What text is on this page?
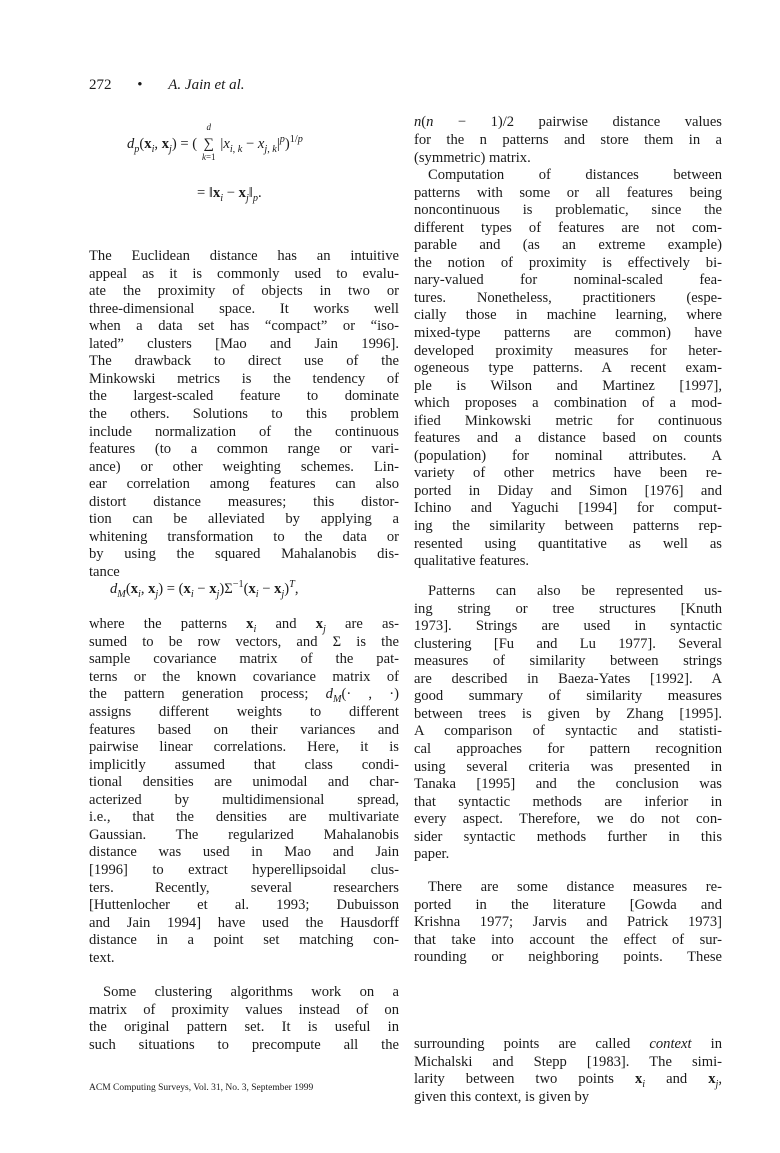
272 • A. Jain et al.
$d_p(x_i$, $x_j$) = ( ∑
d
k=1
$|x_{i, k} - x_{j, k}|^p)^{1/p}$
= $‖x_i$ − $x_j‖_p$.
The Euclidean distance has an intuitive
appeal as it is commonly used to evalu-
ate the proximity of objects in two or
three-dimensional space. It works well
when a data set has “compact” or “iso-
lated” clusters [Mao and Jain 1996].
The drawback to direct use of the
Minkowski metrics is the tendency of
the largest-scaled feature to dominate
the others. Solutions to this problem
include normalization of the continuous
features (to a common range or vari-
ance) or other weighting schemes. Lin-
ear correlation among features can also
distort distance measures; this distor-
tion can be alleviated by applying a
whitening transformation to the data or
by using the squared Mahalanobis dis-
tance
$d_M(x_i$, $x_j) = (x_i - x_j)\Sigma^{-1}(x_i - x_j)^T$,
where the patterns $x_i$ and $x_j$ are as-
sumed to be row vectors, and Σ is the
sample covariance matrix of the pat-
terns or the known covariance matrix of
the pattern generation process; $d_M(\cdot$ , ·)
assigns different weights to different
features based on their variances and
pairwise linear correlations. Here, it is
implicitly assumed that class condi-
tional densities are unimodal and char-
acterized by multidimensional spread,
i.e., that the densities are multivariate
Gaussian. The regularized Mahalanobis
distance was used in Mao and Jain
[1996] to extract hyperellipsoidal clus-
ters. Recently, several researchers
[Huttenlocher et al. 1993; Dubuisson
and Jain 1994] have used the Hausdorff
distance in a point set matching con-
text.
Some clustering algorithms work on a
matrix of proximity values instead of on
the original pattern set. It is useful in
such situations to precompute all the
n(n − 1)/2 pairwise distance values
for the n patterns and store them in a
(symmetric) matrix.
Computation of distances between
patterns with some or all features being
noncontinuous is problematic, since the
different types of features are not com-
parable and (as an extreme example)
the notion of proximity is effectively bi-
nary-valued for nominal-scaled fea-
tures. Nonetheless, practitioners (espe-
cially those in machine learning, where
mixed-type patterns are common) have
developed proximity measures for heter-
ogeneous type patterns. A recent exam-
ple is Wilson and Martinez [1997],
which proposes a combination of a mod-
ified Minkowski metric for continuous
features and a distance based on counts
(population) for nominal attributes. A
variety of other metrics have been re-
ported in Diday and Simon [1976] and
Ichino and Yaguchi [1994] for comput-
ing the similarity between patterns rep-
resented using quantitative as well as
qualitative features.
Patterns can also be represented us-
ing string or tree structures [Knuth
1973]. Strings are used in syntactic
clustering [Fu and Lu 1977]. Several
measures of similarity between strings
are described in Baeza-Yates [1992]. A
good summary of similarity measures
between trees is given by Zhang [1995].
A comparison of syntactic and statisti-
cal approaches for pattern recognition
using several criteria was presented in
Tanaka [1995] and the conclusion was
that syntactic methods are inferior in
every aspect. Therefore, we do not con-
sider syntactic methods further in this
paper.
There are some distance measures re-
ported in the literature [Gowda and
Krishna 1977; Jarvis and Patrick 1973]
that take into account the effect of sur-
rounding or neighboring points. These
surrounding points are called context in
Michalski and Stepp [1983]. The simi-
larity between two points $x_i$ and $x_j$,
given this context, is given by
ACM Computing Surveys, Vol. 31, No. 3, September 1999
